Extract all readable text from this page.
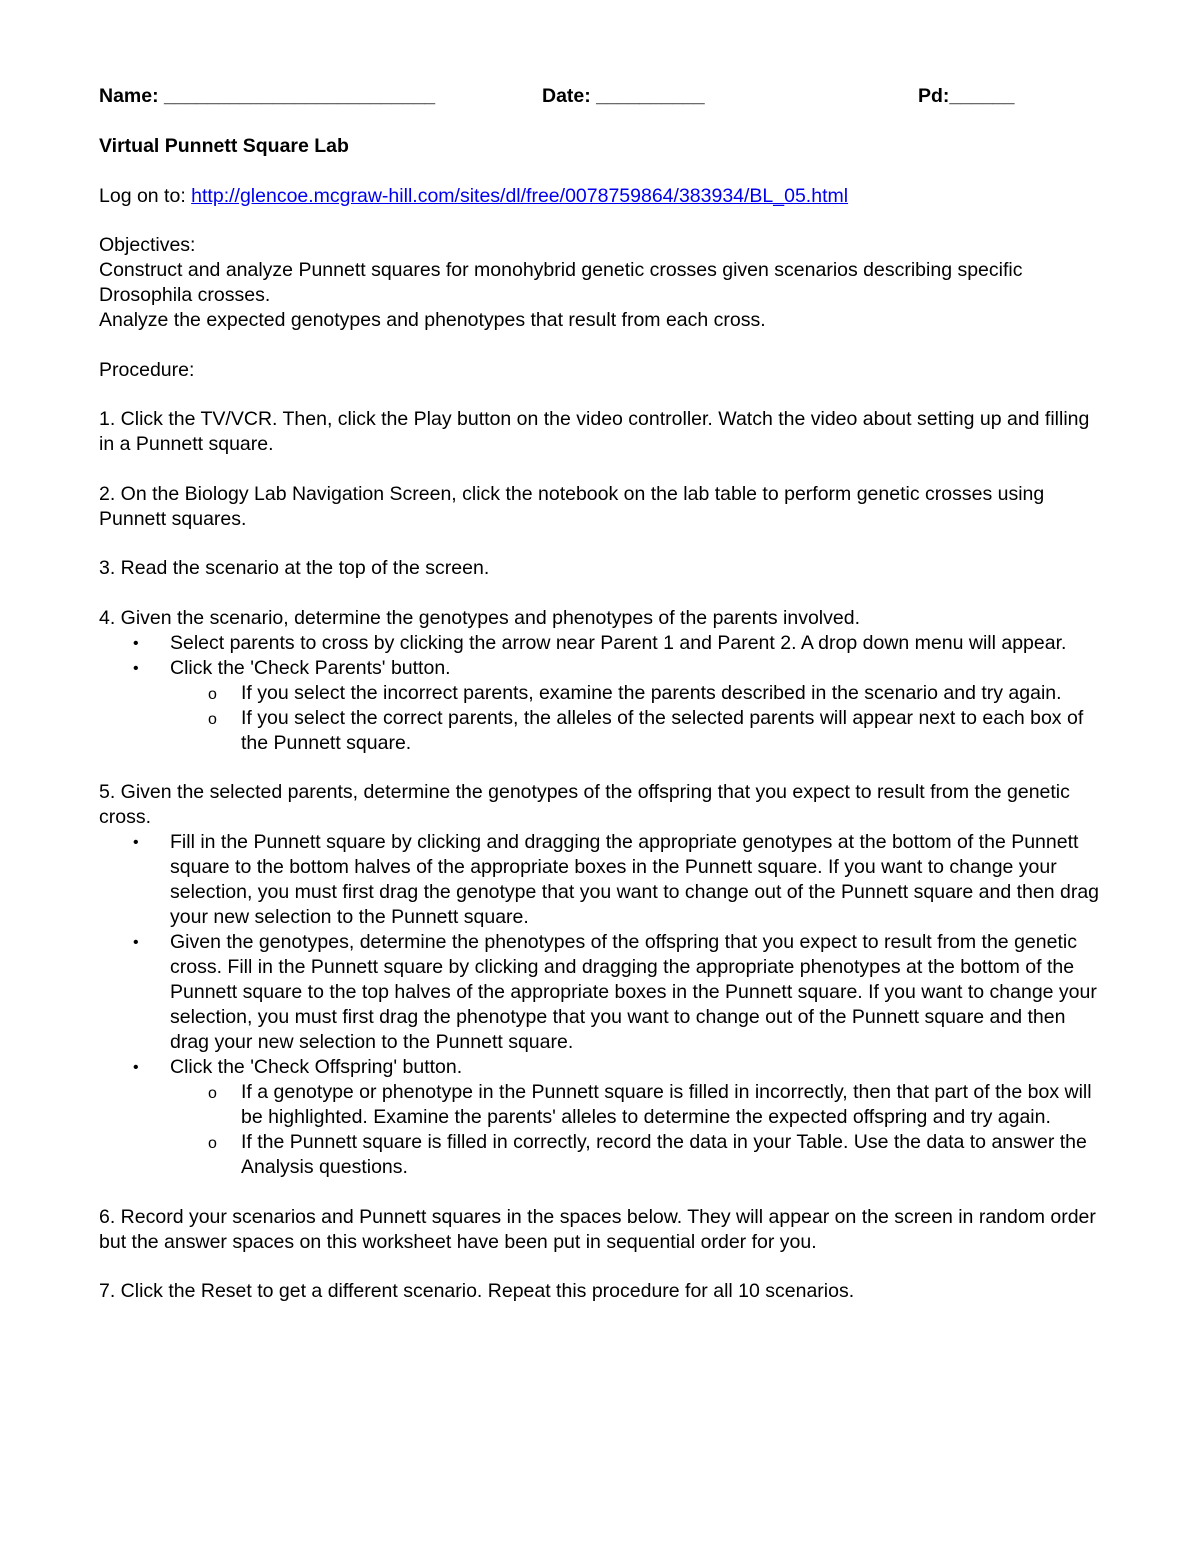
Name: _________________________	Date: __________	Pd:______
Virtual Punnett Square Lab

Log on to: http://glencoe.mcgraw-hill.com/sites/dl/free/0078759864/383934/BL_05.html

Objectives:

Construct and analyze Punnett squares for monohybrid genetic crosses given scenarios describing specific Drosophila crosses.

Analyze the expected genotypes and phenotypes that result from each cross.

Procedure:

1. Click the TV/VCR. Then, click the Play button on the video controller. Watch the video about setting up and filling in a Punnett square.

2. On the Biology Lab Navigation Screen, click the notebook on the lab table to perform genetic crosses using Punnett squares.

3. Read the scenario at the top of the screen.

4. Given the scenario, determine the genotypes and phenotypes of the parents involved.

• Select parents to cross by clicking the arrow near Parent 1 and Parent 2. A drop down menu will appear.
• Click the 'Check Parents' button.
o If you select the incorrect parents, examine the parents described in the scenario and try again.
o If you select the correct parents, the alleles of the selected parents will appear next to each box of the Punnett square.

5. Given the selected parents, determine the genotypes of the offspring that you expect to result from the genetic cross.

• Fill in the Punnett square by clicking and dragging the appropriate genotypes at the bottom of the Punnett square to the bottom halves of the appropriate boxes in the Punnett square. If you want to change your selection, you must first drag the genotype that you want to change out of the Punnett square and then drag your new selection to the Punnett square.
• Given the genotypes, determine the phenotypes of the offspring that you expect to result from the genetic cross. Fill in the Punnett square by clicking and dragging the appropriate phenotypes at the bottom of the Punnett square to the top halves of the appropriate boxes in the Punnett square. If you want to change your selection, you must first drag the phenotype that you want to change out of the Punnett square and then drag your new selection to the Punnett square.
• Click the 'Check Offspring' button.
o If a genotype or phenotype in the Punnett square is filled in incorrectly, then that part of the box will be highlighted. Examine the parents' alleles to determine the expected offspring and try again.
o If the Punnett square is filled in correctly, record the data in your Table. Use the data to answer the Analysis questions.

6. Record your scenarios and Punnett squares in the spaces below. They will appear on the screen in random order but the answer spaces on this worksheet have been put in sequential order for you.

7. Click the Reset to get a different scenario. Repeat this procedure for all 10 scenarios.
